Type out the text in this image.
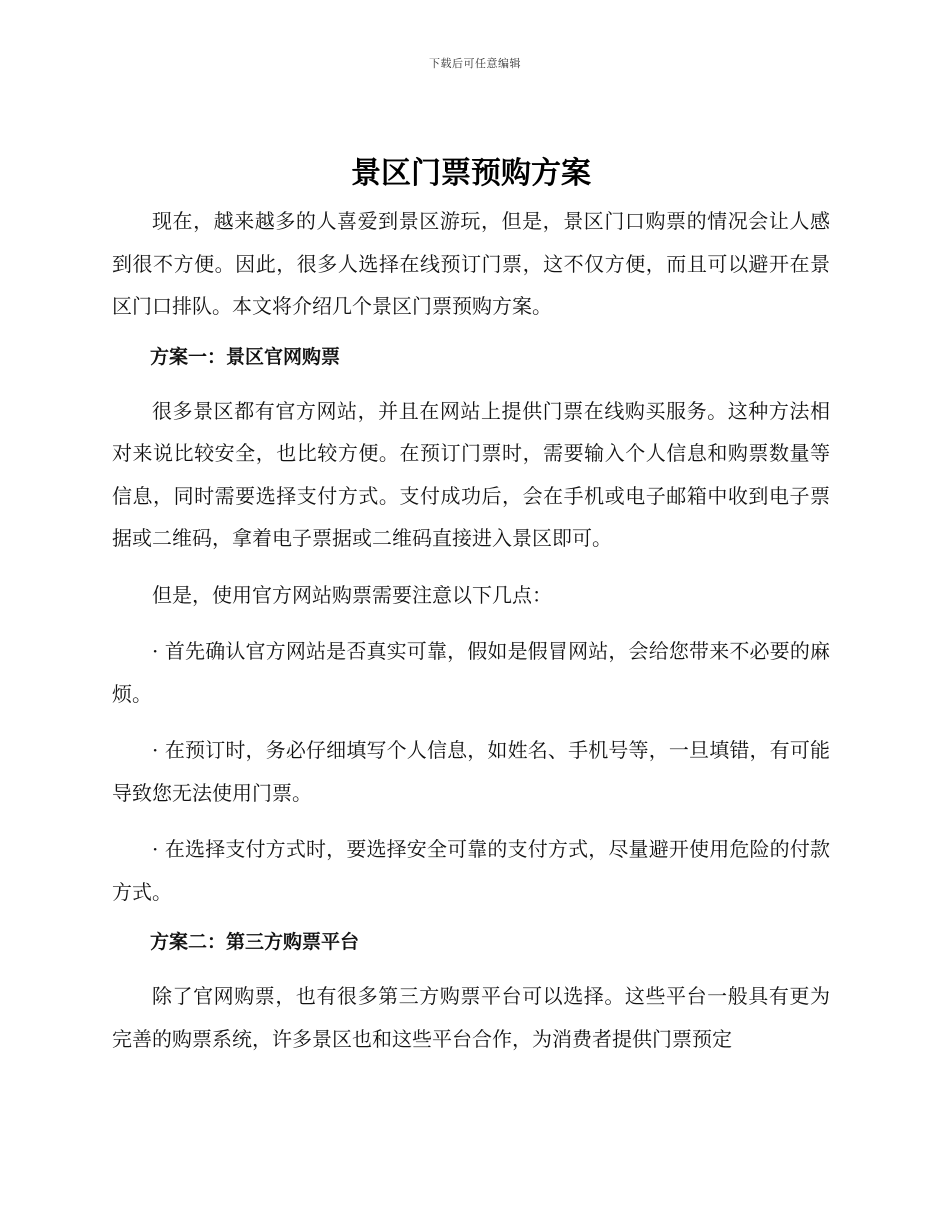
下载后可任意编辑
景区门票预购方案

现在，越来越多的人喜爱到景区游玩，但是，景区门口购票的情况会让人感到很不方便。因此，很多人选择在线预订门票，这不仅方便，而且可以避开在景区门口排队。本文将介绍几个景区门票预购方案。

方案一：景区官网购票

很多景区都有官方网站，并且在网站上提供门票在线购买服务。这种方法相对来说比较安全，也比较方便。在预订门票时，需要输入个人信息和购票数量等信息，同时需要选择支付方式。支付成功后，会在手机或电子邮箱中收到电子票据或二维码，拿着电子票据或二维码直接进入景区即可。

但是，使用官方网站购票需要注意以下几点：

· 首先确认官方网站是否真实可靠，假如是假冒网站，会给您带来不必要的麻烦。

· 在预订时，务必仔细填写个人信息，如姓名、手机号等，一旦填错，有可能导致您无法使用门票。

· 在选择支付方式时，要选择安全可靠的支付方式，尽量避开使用危险的付款方式。

方案二：第三方购票平台

除了官网购票，也有很多第三方购票平台可以选择。这些平台一般具有更为完善的购票系统，许多景区也和这些平台合作，为消费者提供门票预定
